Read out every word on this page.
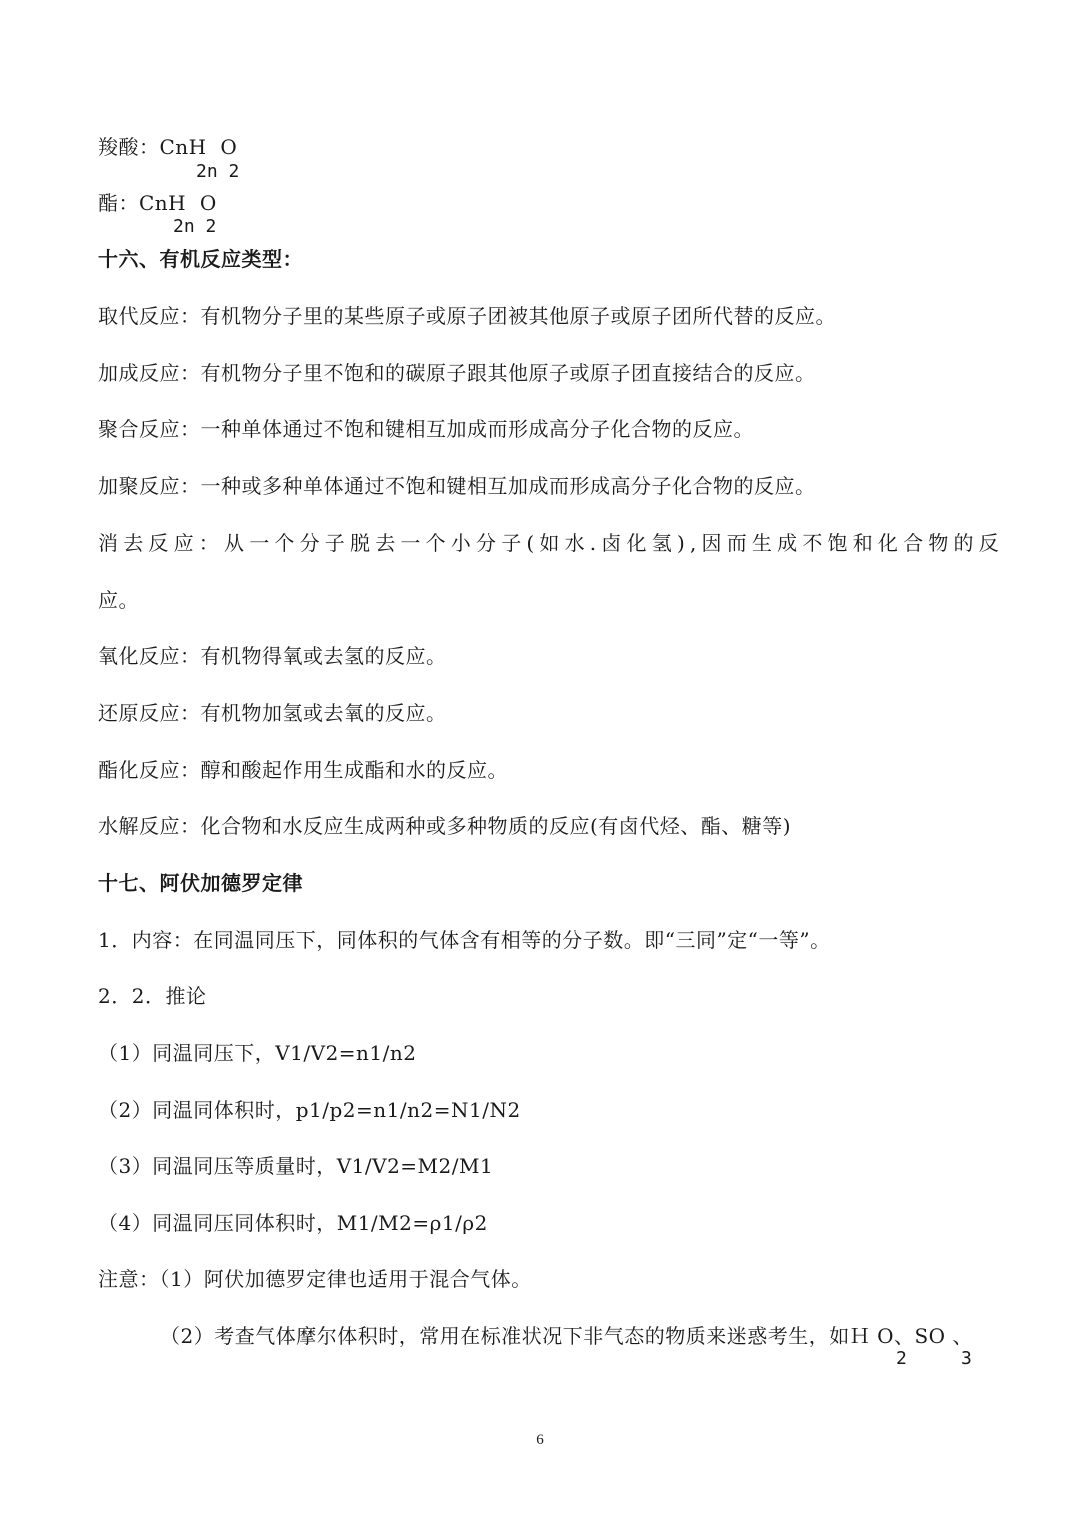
羧酸：CnH  O
2n 2
酯：CnH  O
2n 2
十六、有机反应类型：
取代反应：有机物分子里的某些原子或原子团被其他原子或原子团所代替的反应。
加成反应：有机物分子里不饱和的碳原子跟其他原子或原子团直接结合的反应。
聚合反应：一种单体通过不饱和键相互加成而形成高分子化合物的反应。
加聚反应：一种或多种单体通过不饱和键相互加成而形成高分子化合物的反应。
消去反应：从一个分子脱去一个小分子(如水.卤化氢),因而生成不饱和化合物的反
应。
氧化反应：有机物得氧或去氢的反应。
还原反应：有机物加氢或去氧的反应。
酯化反应：醇和酸起作用生成酯和水的反应。
水解反应：化合物和水反应生成两种或多种物质的反应(有卤代烃、酯、糖等)
十七、阿伏加德罗定律
1．内容：在同温同压下，同体积的气体含有相等的分子数。即“三同”定“一等”。
2．2．推论
（1）同温同压下，V1/V2=n1/n2
（2）同温同体积时，p1/p2=n1/n2=N1/N2
（3）同温同压等质量时，V1/V2=M2/M1
（4）同温同压同体积时，M1/M2=ρ1/ρ2
注意：（1）阿伏加德罗定律也适用于混合气体。
（2）考查气体摩尔体积时，常用在标准状况下非气态的物质来迷惑考生，如Ｈ O、SO 、
2     3
6
